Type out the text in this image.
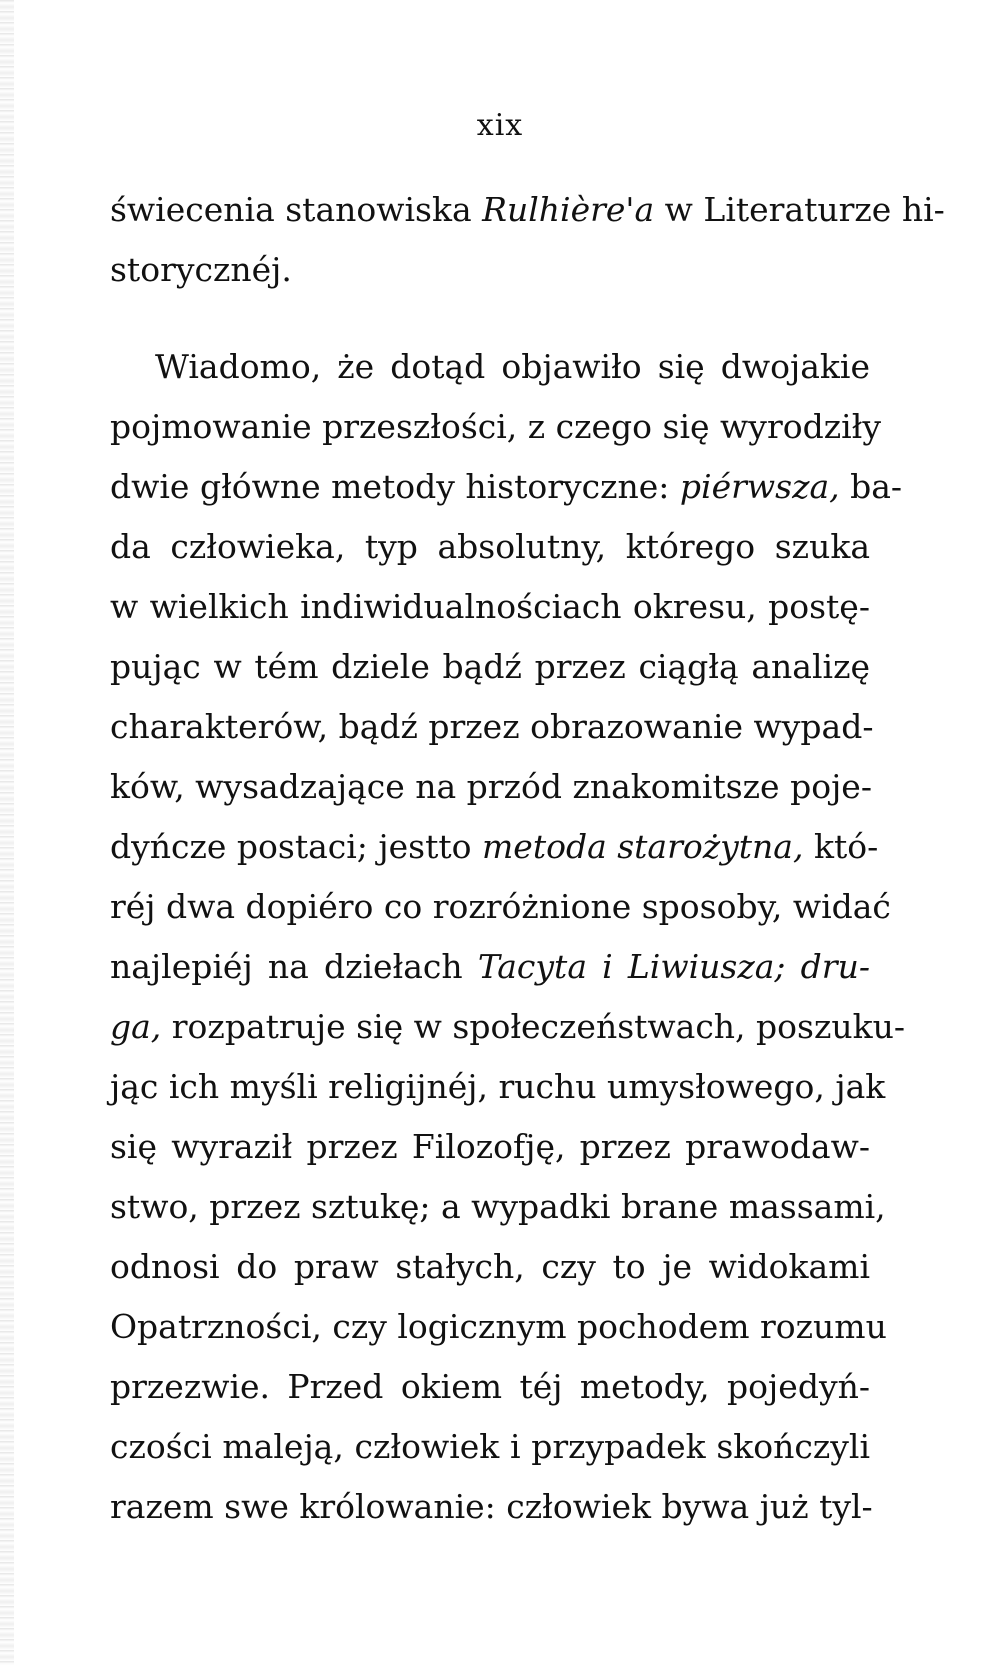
xix
świecenia stanowiska Rulhière'a w Literaturze hi-
storycznéj.
Wiadomo, że dotąd objawiło się dwojakie
pojmowanie przeszłości, z czego się wyrodziły
dwie główne metody historyczne: piérwsza, ba-
da człowieka, typ absolutny, którego szuka
w wielkich indiwidualnościach okresu, postę-
pując w tém dziele bądź przez ciągłą analizę
charakterów, bądź przez obrazowanie wypad-
ków, wysadzające na przód znakomitsze poje-
dyńcze postaci; jestto metoda starożytna, któ-
réj dwa dopiéro co rozróżnione sposoby, widać
najlepiéj na dziełach Tacyta i Liwiusza; dru-
ga, rozpatruje się w społeczeństwach, poszuku-
jąc ich myśli religijnéj, ruchu umysłowego, jak
się wyraził przez Filozofję, przez prawodaw-
stwo, przez sztukę; a wypadki brane massami,
odnosi do praw stałych, czy to je widokami
Opatrzności, czy logicznym pochodem rozumu
przezwie. Przed okiem téj metody, pojedyń-
czości maleją, człowiek i przypadek skończyli
razem swe królowanie: człowiek bywa już tyl-
